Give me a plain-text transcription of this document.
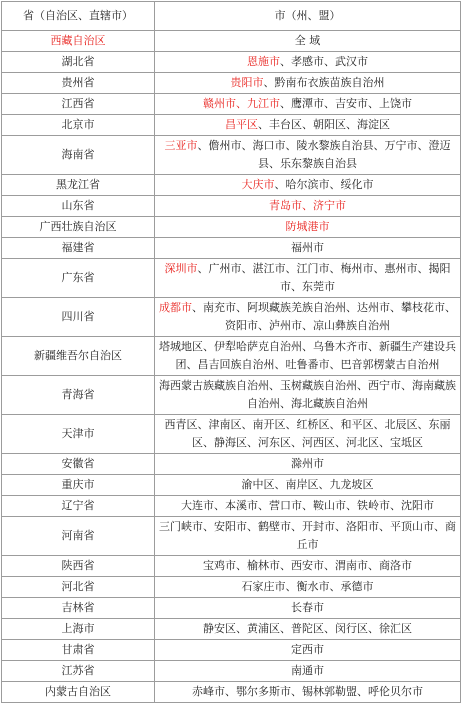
省（自治区、直辖市）	市（州、盟）
西藏自治区	全 域
湖北省	恩施市、孝感市、武汉市
贵州省	贵阳市、黔南布衣族苗族自治州
江西省	赣州市、九江市、鹰潭市、吉安市、上饶市
北京市	昌平区、丰台区、朝阳区、海淀区
海南省	三亚市、儋州市、海口市、陵水黎族自治县、万宁市、澄迈县、乐东黎族自治县
黑龙江省	大庆市、哈尔滨市、绥化市
山东省	青岛市、济宁市
广西壮族自治区	防城港市
福建省	福州市
广东省	深圳市、广州市、湛江市、江门市、梅州市、惠州市、揭阳市、东莞市
四川省	成都市、南充市、阿坝藏族羌族自治州、达州市、攀枝花市、资阳市、泸州市、凉山彝族自治州
新疆维吾尔自治区	塔城地区、伊犁哈萨克自治州、乌鲁木齐市、新疆生产建设兵团、昌吉回族自治州、吐鲁番市、巴音郭楞蒙古自治州
青海省	海西蒙古族藏族自治州、玉树藏族自治州、西宁市、海南藏族自治州、海北藏族自治州
天津市	西青区、津南区、南开区、红桥区、和平区、北辰区、东丽区、静海区、河东区、河西区、河北区、宝坻区
安徽省	滁州市
重庆市	渝中区、南岸区、九龙坡区
辽宁省	大连市、本溪市、营口市、鞍山市、铁岭市、沈阳市
河南省	三门峡市、安阳市、鹤壁市、开封市、洛阳市、平顶山市、商丘市
陕西省	宝鸡市、榆林市、西安市、渭南市、商洛市
河北省	石家庄市、衡水市、承德市
吉林省	长春市
上海市	静安区、黄浦区、普陀区、闵行区、徐汇区
甘肃省	定西市
江苏省	南通市
内蒙古自治区	赤峰市、鄂尔多斯市、锡林郭勒盟、呼伦贝尔市
